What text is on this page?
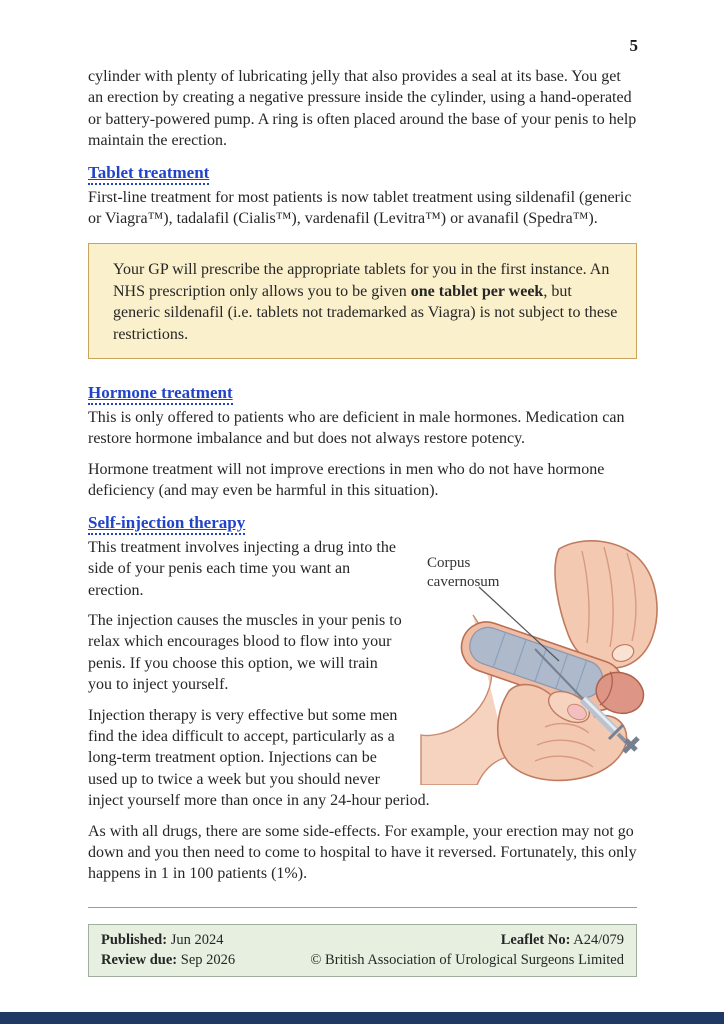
5

cylinder with plenty of lubricating jelly that also provides a seal at its base. You get an erection by creating a negative pressure inside the cylinder, using a hand-operated or battery-powered pump. A ring is often placed around the base of your penis to help maintain the erection.

Tablet treatment

First-line treatment for most patients is now tablet treatment using sildenafil (generic or Viagra™), tadalafil (Cialis™), vardenafil (Levitra™) or avanafil (Spedra™).

Your GP will prescribe the appropriate tablets for you in the first instance. An NHS prescription only allows you to be given one tablet per week, but generic sildenafil (i.e. tablets not trademarked as Viagra) is not subject to these restrictions.

Hormone treatment

This is only offered to patients who are deficient in male hormones. Medication can restore hormone imbalance and but does not always restore potency.

Hormone treatment will not improve erections in men who do not have hormone deficiency (and may even be harmful in this situation).

Self-injection therapy
Corpus
cavernosum

This treatment involves injecting a drug into the side of your penis each time you want an erection.

The injection causes the muscles in your penis to relax which encourages blood to flow into your penis. If you choose this option, we will train you to inject yourself.

Injection therapy is very effective but some men find the idea difficult to accept, particularly as a long-term treatment option. Injections can be used up to twice a week but you should never inject yourself more than once in any 24-hour period.

As with all drugs, there are some side-effects. For example, your erection may not go down and you then need to come to hospital to have it reversed. Fortunately, this only happens in 1 in 100 patients (1%).

Published: Jun 2024
Review due: Sep 2026
Leaflet No: A24/079
© British Association of Urological Surgeons Limited
